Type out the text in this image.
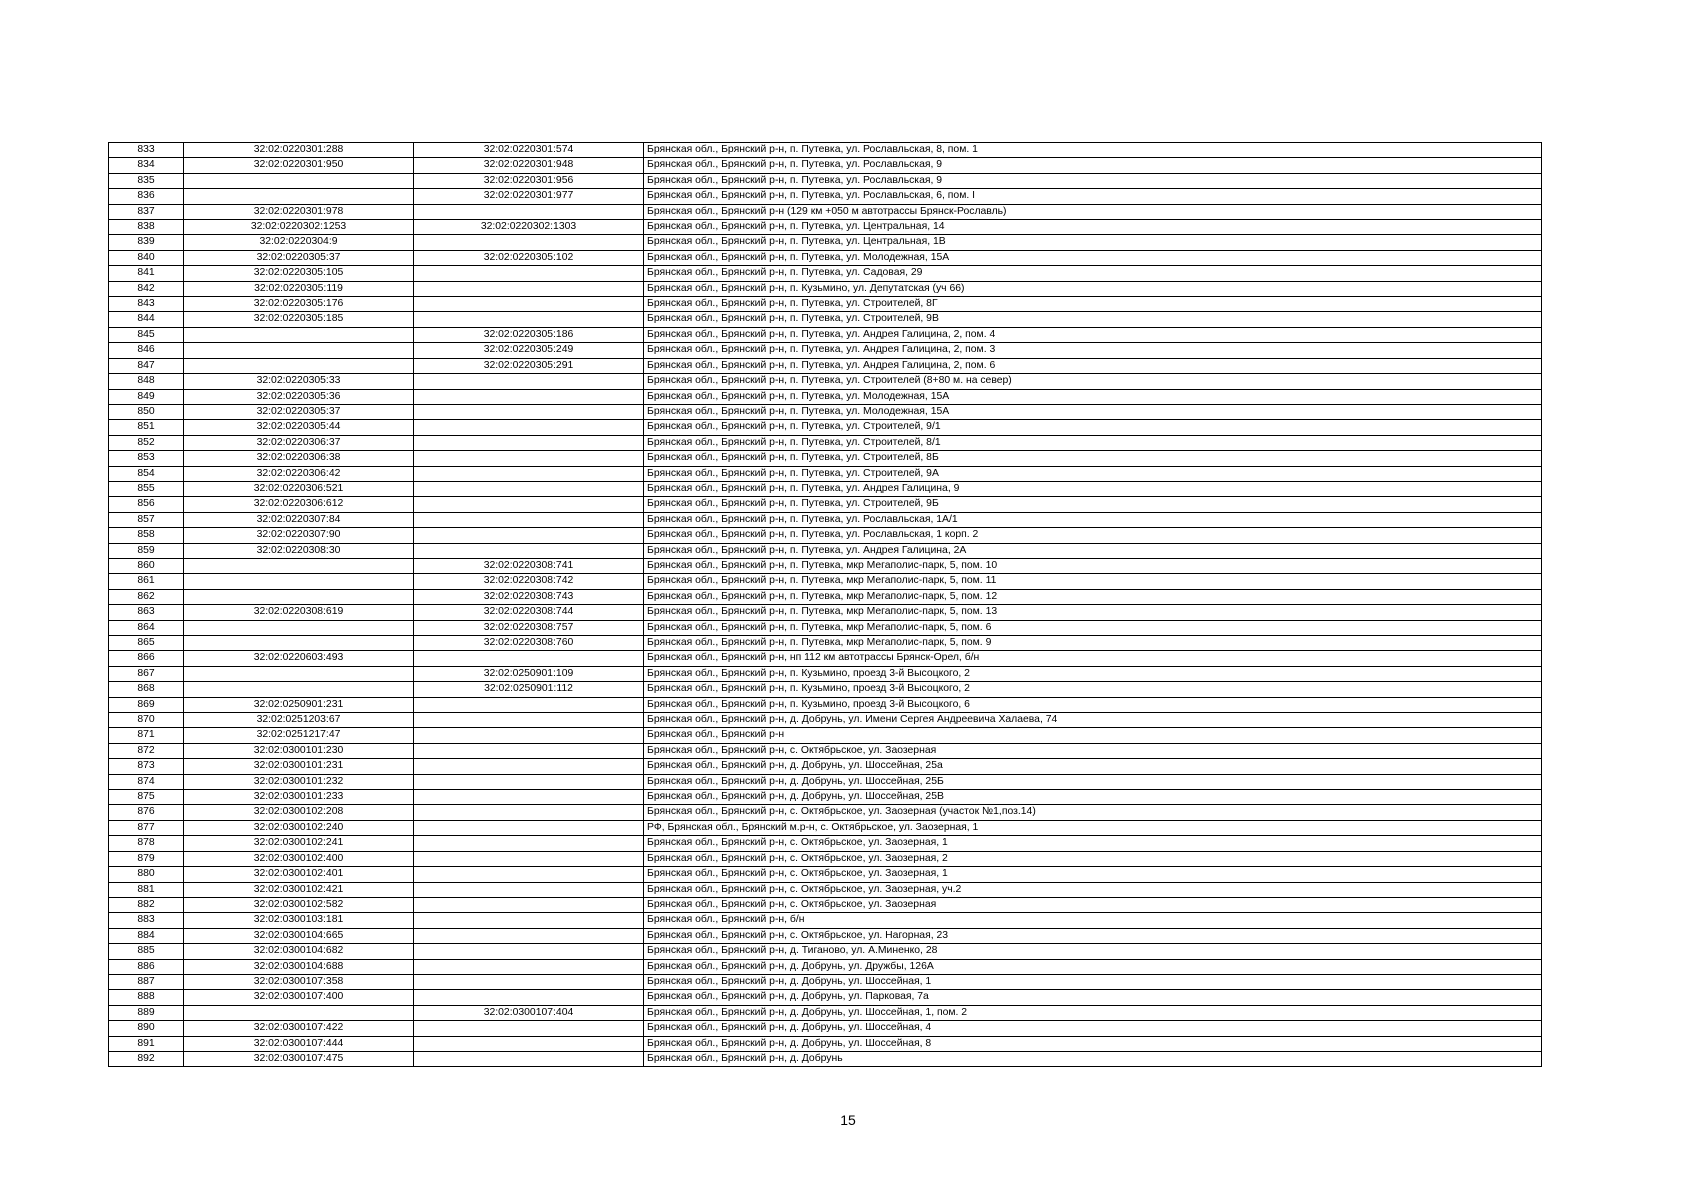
833	32:02:0220301:288	32:02:0220301:574	Брянская обл., Брянский р-н, п. Путевка, ул. Рославльская, 8, пом. 1
834	32:02:0220301:950	32:02:0220301:948	Брянская обл., Брянский р-н, п. Путевка, ул. Рославльская, 9
835		32:02:0220301:956	Брянская обл., Брянский р-н, п. Путевка, ул. Рославльская, 9
836		32:02:0220301:977	Брянская обл., Брянский р-н, п. Путевка, ул. Рославльская, 6, пом. I
837	32:02:0220301:978		Брянская обл., Брянский р-н (129 км +050 м автотрассы Брянск-Рославль)
838	32:02:0220302:1253	32:02:0220302:1303	Брянская обл., Брянский р-н, п. Путевка, ул. Центральная, 14
839	32:02:0220304:9		Брянская обл., Брянский р-н, п. Путевка, ул. Центральная, 1В
840	32:02:0220305:37	32:02:0220305:102	Брянская обл., Брянский р-н, п. Путевка, ул. Молодежная, 15А
841	32:02:0220305:105		Брянская обл., Брянский р-н, п. Путевка, ул. Садовая, 29
842	32:02:0220305:119		Брянская обл., Брянский р-н, п. Кузьмино, ул. Депутатская (уч 66)
843	32:02:0220305:176		Брянская обл., Брянский р-н, п. Путевка, ул. Строителей, 8Г
844	32:02:0220305:185		Брянская обл., Брянский р-н, п. Путевка, ул. Строителей, 9В
845		32:02:0220305:186	Брянская обл., Брянский р-н, п. Путевка, ул. Андрея Галицина, 2, пом. 4
846		32:02:0220305:249	Брянская обл., Брянский р-н, п. Путевка, ул. Андрея Галицина, 2, пом. 3
847		32:02:0220305:291	Брянская обл., Брянский р-н, п. Путевка, ул. Андрея Галицина, 2, пом. 6
848	32:02:0220305:33		Брянская обл., Брянский р-н, п. Путевка, ул. Строителей (8+80 м. на север)
849	32:02:0220305:36		Брянская обл., Брянский р-н, п. Путевка, ул. Молодежная, 15А
850	32:02:0220305:37		Брянская обл., Брянский р-н, п. Путевка, ул. Молодежная, 15А
851	32:02:0220305:44		Брянская обл., Брянский р-н, п. Путевка, ул. Строителей, 9/1
852	32:02:0220306:37		Брянская обл., Брянский р-н, п. Путевка, ул. Строителей, 8/1
853	32:02:0220306:38		Брянская обл., Брянский р-н, п. Путевка, ул. Строителей, 8Б
854	32:02:0220306:42		Брянская обл., Брянский р-н, п. Путевка, ул. Строителей, 9А
855	32:02:0220306:521		Брянская обл., Брянский р-н, п. Путевка, ул. Андрея Галицина, 9
856	32:02:0220306:612		Брянская обл., Брянский р-н, п. Путевка, ул. Строителей, 9Б
857	32:02:0220307:84		Брянская обл., Брянский р-н, п. Путевка, ул. Рославльская, 1А/1
858	32:02:0220307:90		Брянская обл., Брянский р-н, п. Путевка, ул. Рославльская, 1 корп. 2
859	32:02:0220308:30		Брянская обл., Брянский р-н, п. Путевка, ул. Андрея Галицина, 2А
860		32:02:0220308:741	Брянская обл., Брянский р-н, п. Путевка, мкр Мегаполис-парк, 5, пом. 10
861		32:02:0220308:742	Брянская обл., Брянский р-н, п. Путевка, мкр Мегаполис-парк, 5, пом. 11
862		32:02:0220308:743	Брянская обл., Брянский р-н, п. Путевка, мкр Мегаполис-парк, 5, пом. 12
863	32:02:0220308:619	32:02:0220308:744	Брянская обл., Брянский р-н, п. Путевка, мкр Мегаполис-парк, 5, пом. 13
864		32:02:0220308:757	Брянская обл., Брянский р-н, п. Путевка, мкр Мегаполис-парк, 5, пом. 6
865		32:02:0220308:760	Брянская обл., Брянский р-н, п. Путевка, мкр Мегаполис-парк, 5, пом. 9
866	32:02:0220603:493		Брянская обл., Брянский р-н, нп 112 км автотрассы Брянск-Орел, б/н
867		32:02:0250901:109	Брянская обл., Брянский р-н, п. Кузьмино, проезд 3-й Высоцкого, 2
868		32:02:0250901:112	Брянская обл., Брянский р-н, п. Кузьмино, проезд 3-й Высоцкого, 2
869	32:02:0250901:231		Брянская обл., Брянский р-н, п. Кузьмино, проезд 3-й Высоцкого, 6
870	32:02:0251203:67		Брянская обл., Брянский р-н, д. Добрунь, ул. Имени Сергея Андреевича Халаева, 74
871	32:02:0251217:47		Брянская обл., Брянский р-н
872	32:02:0300101:230		Брянская обл., Брянский р-н, с. Октябрьское, ул. Заозерная
873	32:02:0300101:231		Брянская обл., Брянский р-н, д. Добрунь, ул. Шоссейная, 25а
874	32:02:0300101:232		Брянская обл., Брянский р-н, д. Добрунь, ул. Шоссейная, 25Б
875	32:02:0300101:233		Брянская обл., Брянский р-н, д. Добрунь, ул. Шоссейная, 25В
876	32:02:0300102:208		Брянская обл., Брянский р-н, с. Октябрьское, ул. Заозерная (участок №1,поз.14)
877	32:02:0300102:240		РФ, Брянская обл., Брянский м.р-н, с. Октябрьское, ул. Заозерная, 1
878	32:02:0300102:241		Брянская обл., Брянский р-н, с. Октябрьское, ул. Заозерная, 1
879	32:02:0300102:400		Брянская обл., Брянский р-н, с. Октябрьское, ул. Заозерная, 2
880	32:02:0300102:401		Брянская обл., Брянский р-н, с. Октябрьское, ул. Заозерная, 1
881	32:02:0300102:421		Брянская обл., Брянский р-н, с. Октябрьское, ул. Заозерная, уч.2
882	32:02:0300102:582		Брянская обл., Брянский р-н, с. Октябрьское, ул. Заозерная
883	32:02:0300103:181		Брянская обл., Брянский р-н, б/н
884	32:02:0300104:665		Брянская обл., Брянский р-н, с. Октябрьское, ул. Нагорная, 23
885	32:02:0300104:682		Брянская обл., Брянский р-н, д. Тиганово, ул. А.Миненко, 28
886	32:02:0300104:688		Брянская обл., Брянский р-н, д. Добрунь, ул. Дружбы, 126А
887	32:02:0300107:358		Брянская обл., Брянский р-н, д. Добрунь, ул. Шоссейная, 1
888	32:02:0300107:400		Брянская обл., Брянский р-н, д. Добрунь, ул. Парковая, 7а
889		32:02:0300107:404	Брянская обл., Брянский р-н, д. Добрунь, ул. Шоссейная, 1, пом. 2
890	32:02:0300107:422		Брянская обл., Брянский р-н, д. Добрунь, ул. Шоссейная, 4
891	32:02:0300107:444		Брянская обл., Брянский р-н, д. Добрунь, ул. Шоссейная, 8
892	32:02:0300107:475		Брянская обл., Брянский р-н, д. Добрунь
15
